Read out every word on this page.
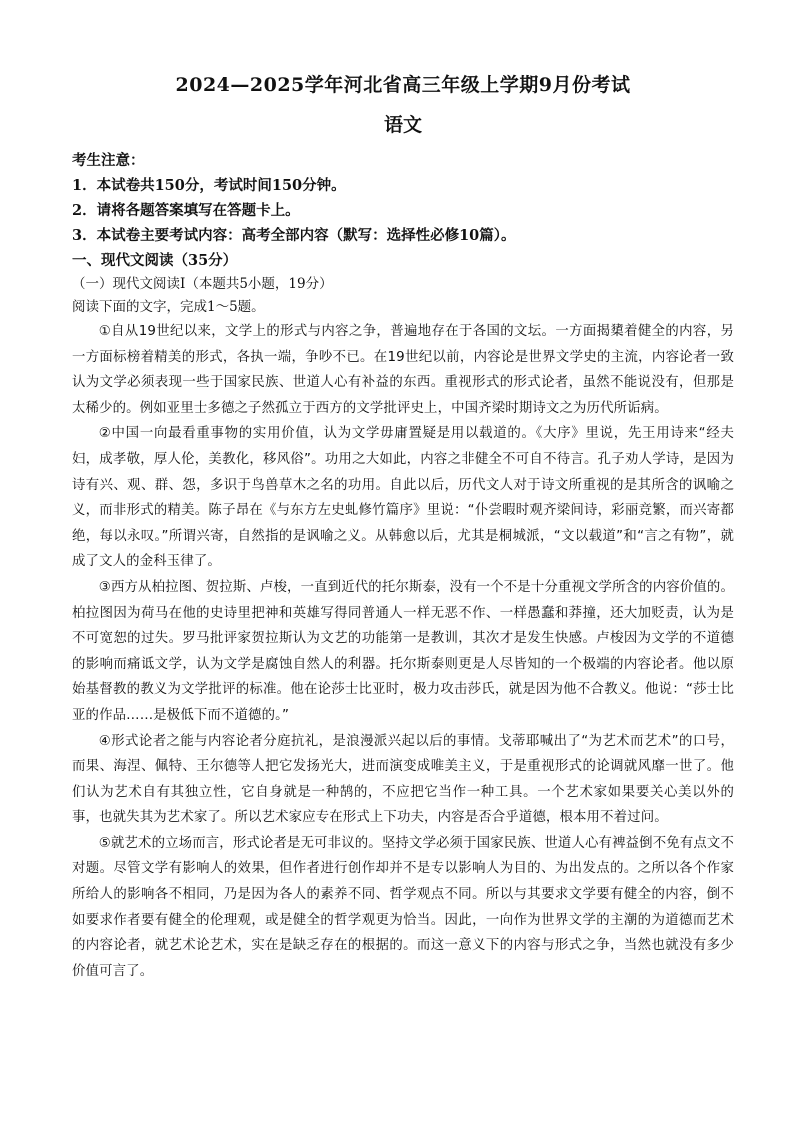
2024—2025学年河北省高三年级上学期9月份考试
语文
考生注意：
1．本试卷共150分，考试时间150分钟。
2．请将各题答案填写在答题卡上。
3．本试卷主要考试内容：高考全部内容（默写：选择性必修10篇）。
一、现代文阅读（35分）
（一）现代文阅读Ⅰ（本题共5小题，19分）
阅读下面的文字，完成1～5题。

①自从19世纪以来，文学上的形式与内容之争，普遍地存在于各国的文坛。一方面揭橥着健全的内容，另一方面标榜着精美的形式，各执一端，争吵不已。在19世纪以前，内容论是世界文学史的主流，内容论者一致认为文学必须表现一些于国家民族、世道人心有补益的东西。重视形式的形式论者，虽然不能说没有，但那是太稀少的。例如亚里士多德之子然孤立于西方的文学批评史上，中国齐梁时期诗文之为历代所诟病。

②中国一向最看重事物的实用价值，认为文学毋庸置疑是用以载道的。《大序》里说，先王用诗来“经夫妇，成孝敬，厚人伦，美教化，移风俗”。功用之大如此，内容之非健全不可自不待言。孔子劝人学诗，是因为诗有兴、观、群、怨，多识于鸟兽草木之名的功用。自此以后，历代文人对于诗文所重视的是其所含的讽喻之义，而非形式的精美。陈子昂在《与东方左史虬修竹篇序》里说：“仆尝暇时观齐梁间诗，彩丽竞繁，而兴寄都绝，每以永叹。”所谓兴寄，自然指的是讽喻之义。从韩愈以后，尤其是桐城派，“文以载道”和“言之有物”，就成了文人的金科玉律了。

③西方从柏拉图、贺拉斯、卢梭，一直到近代的托尔斯泰，没有一个不是十分重视文学所含的内容价值的。柏拉图因为荷马在他的史诗里把神和英雄写得同普通人一样无恶不作、一样愚蠢和莽撞，还大加贬责，认为是不可宽恕的过失。罗马批评家贺拉斯认为文艺的功能第一是教训，其次才是发生快感。卢梭因为文学的不道德的影响而痛诋文学，认为文学是腐蚀自然人的利器。托尔斯泰则更是人尽皆知的一个极端的内容论者。他以原始基督教的教义为文学批评的标准。他在论莎士比亚时，极力攻击莎氏，就是因为他不合教义。他说：“莎士比亚的作品……是极低下而不道德的。”

④形式论者之能与内容论者分庭抗礼，是浪漫派兴起以后的事情。戈蒂耶喊出了“为艺术而艺术”的口号，而果、海涅、佩特、王尔德等人把它发扬光大，进而演变成唯美主义，于是重视形式的论调就风靡一世了。他们认为艺术自有其独立性，它自身就是一种鹄的，不应把它当作一种工具。一个艺术家如果要关心美以外的事，也就失其为艺术家了。所以艺术家应专在形式上下功夫，内容是否合乎道德，根本用不着过问。

⑤就艺术的立场而言，形式论者是无可非议的。坚持文学必须于国家民族、世道人心有裨益倒不免有点文不对题。尽管文学有影响人的效果，但作者进行创作却并不是专以影响人为目的、为出发点的。之所以各个作家所给人的影响各不相同，乃是因为各人的素养不同、哲学观点不同。所以与其要求文学要有健全的内容，倒不如要求作者要有健全的伦理观，或是健全的哲学观更为恰当。因此，一向作为世界文学的主潮的为道德而艺术的内容论者，就艺术论艺术，实在是缺乏存在的根据的。而这一意义下的内容与形式之争，当然也就没有多少价值可言了。
